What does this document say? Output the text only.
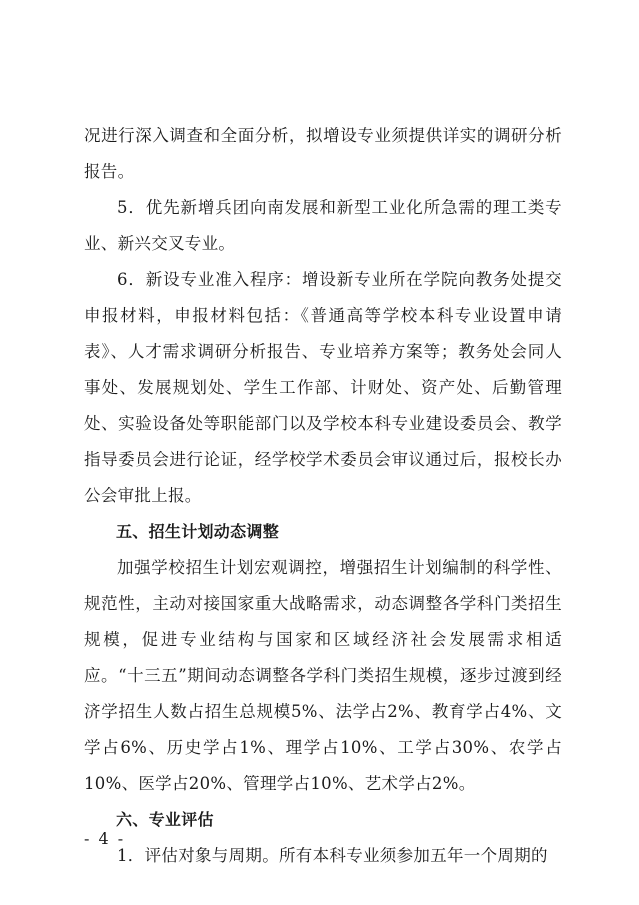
况进行深入调查和全面分析，拟增设专业须提供详实的调研分析报告。

5．优先新增兵团向南发展和新型工业化所急需的理工类专业、新兴交叉专业。

6．新设专业准入程序：增设新专业所在学院向教务处提交申报材料，申报材料包括：《普通高等学校本科专业设置申请表》、人才需求调研分析报告、专业培养方案等；教务处会同人事处、发展规划处、学生工作部、计财处、资产处、后勤管理处、实验设备处等职能部门以及学校本科专业建设委员会、教学指导委员会进行论证，经学校学术委员会审议通过后，报校长办公会审批上报。

五、招生计划动态调整

加强学校招生计划宏观调控，增强招生计划编制的科学性、规范性，主动对接国家重大战略需求，动态调整各学科门类招生规模，促进专业结构与国家和区域经济社会发展需求相适应。“十三五”期间动态调整各学科门类招生规模，逐步过渡到经济学招生人数占招生总规模5%、法学占2%、教育学占4%、文学占6%、历史学占1%、理学占10%、工学占30%、农学占10%、医学占20%、管理学占10%、艺术学占2%。

六、专业评估

1．评估对象与周期。所有本科专业须参加五年一个周期的

- 4 -
